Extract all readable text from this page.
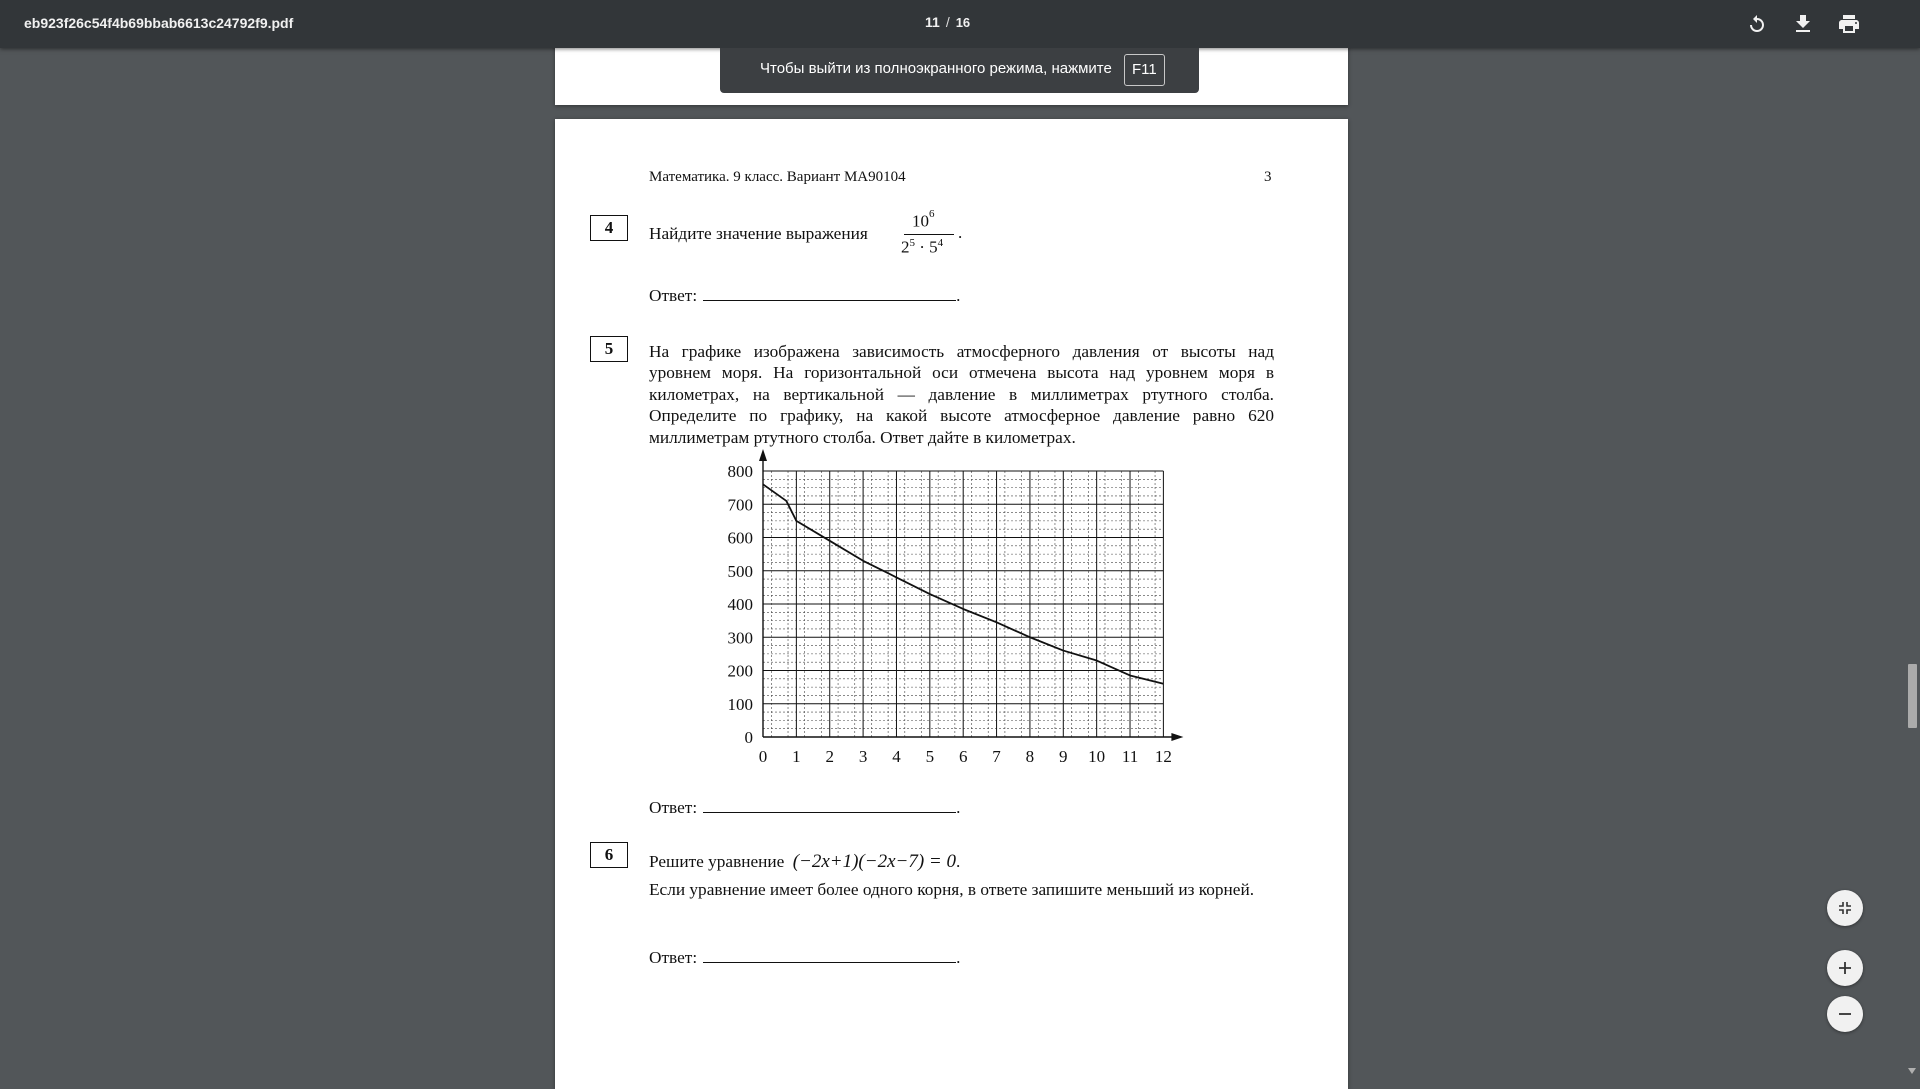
eb923f26c54f4b69bbab6613c24792f9.pdf	11 / 16
Чтобы выйти из полноэкранного режима, нажмите	F11
Математика. 9 класс. Вариант МА90104	3
4	Найдите значение выражения
$10^6$
$2^5 \cdot 5^4$
.
Ответ:	.
5	На графике изображена зависимость атмосферного давления от высоты над уровнем моря. На горизонтальной оси отмечена высота над уровнем моря в километрах, на вертикальной — давление в миллиметрах ртутного столба. Определите по графику, на какой высоте атмосферное давление равно 620 миллиметрам ртутного столба. Ответ дайте в километрах.
0 1 2 3 4 5 6 7 8 9 10 11 12
0
100
200
300
400
500
600
700
800
Ответ:	.
6	Решите уравнение (−2x+1)(−2x−7) = 0.
Если уравнение имеет более одного корня, в ответе запишите меньший из корней.
Ответ:	.
